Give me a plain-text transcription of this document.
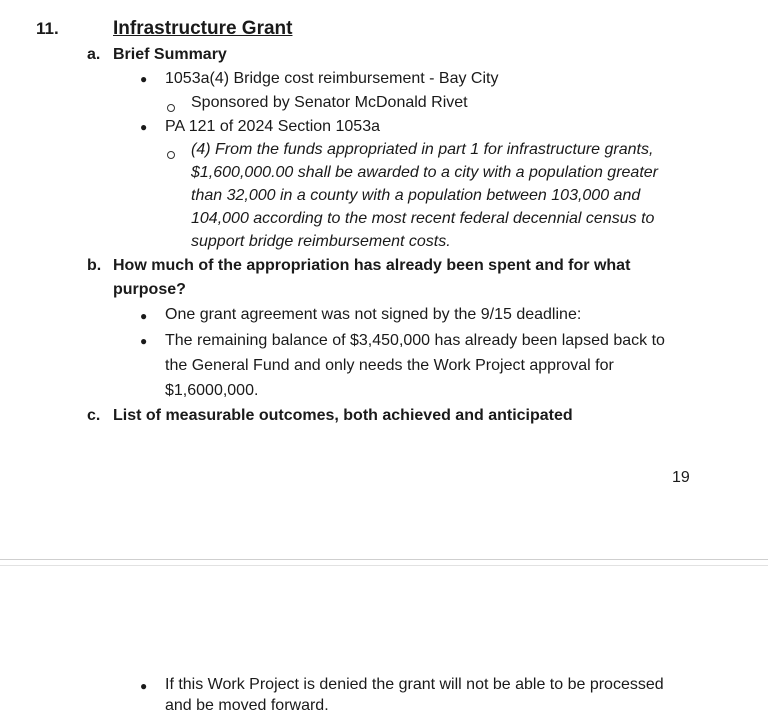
11.	Infrastructure Grant
a. Brief Summary
● 1053a(4) Bridge cost reimbursement - Bay City
Sponsored by Senator McDonald Rivet
● PA 121 of 2024 Section 1053a
(4) From the funds appropriated in part 1 for infrastructure grants,
$1,600,000.00 shall be awarded to a city with a population greater
than 32,000 in a county with a population between 103,000 and
104,000 according to the most recent federal decennial census to
support bridge reimbursement costs.
b. How much of the appropriation has already been spent and for what
purpose?
● One grant agreement was not signed by the 9/15 deadline:
● The remaining balance of $3,450,000 has already been lapsed back to
the General Fund and only needs the Work Project approval for
$1,6000,000.
c. List of measurable outcomes, both achieved and anticipated
19
● If this Work Project is denied the grant will not be able to be processed
and be moved forward.
